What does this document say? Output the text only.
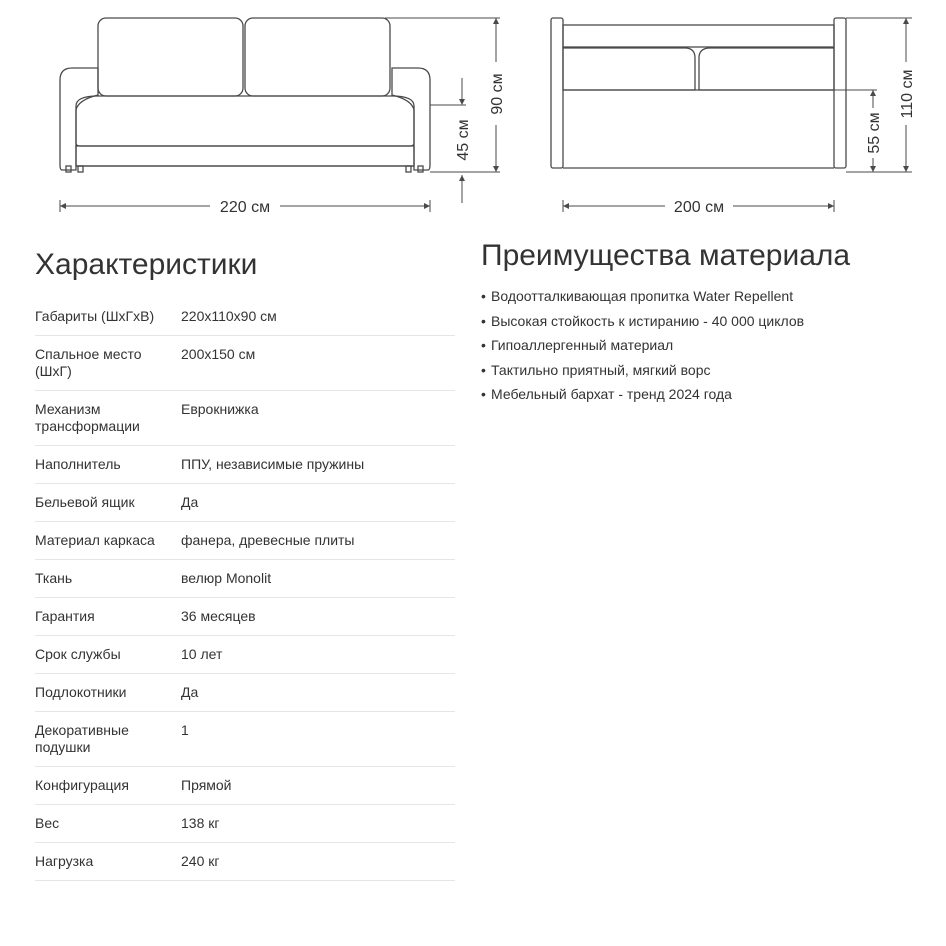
220 см
90 см
45 см
200 см
110 см
55 см
Характеристики
Габариты (ШхГхВ)	220х110х90 см
Спальное место (ШхГ)	200х150 см
Механизм трансформации	Еврокнижка
Наполнитель	ППУ, независимые пружины
Бельевой ящик	Да
Материал каркаса	фанера, древесные плиты
Ткань	велюр Monolit
Гарантия	36 месяцев
Срок службы	10 лет
Подлокотники	Да
Декоративные подушки	1
Конфигурация	Прямой
Вес	138 кг
Нагрузка	240 кг
Преимущества материала
• Водоотталкивающая пропитка Water Repellent
• Высокая стойкость к истиранию - 40 000 циклов
• Гипоаллергенный материал
• Тактильно приятный, мягкий ворс
• Мебельный бархат - тренд 2024 года
